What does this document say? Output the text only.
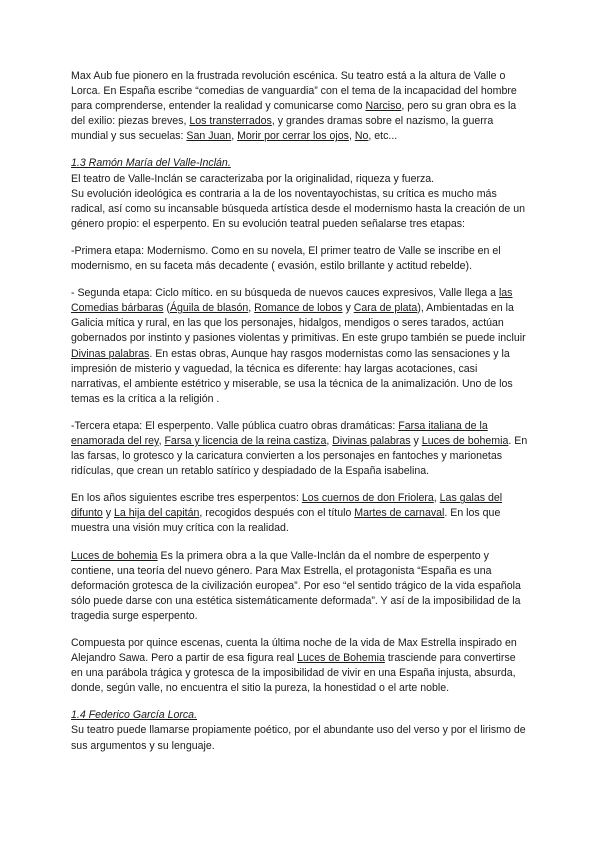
Max Aub fue pionero en la frustrada revolución escénica. Su teatro está a la altura de Valle o Lorca. En España escribe “comedias de vanguardia” con el tema de la incapacidad del hombre para comprenderse, entender la realidad y comunicarse como Narciso, pero su gran obra es la del exilio: piezas breves, Los transterrados, y grandes dramas sobre el nazismo, la guerra mundial y sus secuelas: San Juan, Morir por cerrar los ojos, No, etc...

1.3 Ramón María del Valle-Inclán.

El teatro de Valle-Inclán se caracterizaba por la originalidad, riqueza y fuerza.

Su evolución ideológica es contraria a la de los noventayochistas, su crítica es mucho más radical, así como su incansable búsqueda artística desde el modernismo hasta la creación de un género propio: el esperpento. En su evolución teatral pueden señalarse tres etapas:

-Primera etapa: Modernismo. Como en su novela, El primer teatro de Valle se inscribe en el modernismo, en su faceta más decadente ( evasión, estilo brillante y actitud rebelde).

- Segunda etapa: Ciclo mítico. en su búsqueda de nuevos cauces expresivos, Valle llega a las Comedias bárbaras (Águila de blasón, Romance de lobos y Cara de plata), Ambientadas en la Galicia mítica y rural, en las que los personajes, hidalgos, mendigos o seres tarados, actúan gobernados por instinto y pasiones violentas y primitivas. En este grupo también se puede incluir Divinas palabras. En estas obras, Aunque hay rasgos modernistas como las sensaciones y la impresión de misterio y vaguedad, la técnica es diferente: hay largas acotaciones, casi narrativas, el ambiente estétrico y miserable, se usa la técnica de la animalización. Uno de los temas es la crítica a la religión .

-Tercera etapa: El esperpento. Valle pública cuatro obras dramáticas: Farsa italiana de la enamorada del rey, Farsa y licencia de la reina castiza, Divinas palabras y Luces de bohemia. En las farsas, lo grotesco y la caricatura convierten a los personajes en fantoches y marionetas ridículas, que crean un retablo satírico y despiadado de la España isabelina.

En los años siguientes escribe tres esperpentos: Los cuernos de don Friolera, Las galas del difunto y La hija del capitán, recogidos después con el título Martes de carnaval. En los que muestra una visión muy crítica con la realidad.

Luces de bohemia Es la primera obra a la que Valle-Inclán da el nombre de esperpento y contiene, una teoría del nuevo género. Para Max Estrella, el protagonista “España es una deformación grotesca de la civilización europea”. Por eso “el sentido trágico de la vida española sólo puede darse con una estética sistemáticamente deformada”. Y así de la imposibilidad de la tragedia surge esperpento.

Compuesta por quince escenas, cuenta la última noche de la vida de Max Estrella inspirado en Alejandro Sawa. Pero a partir de esa figura real Luces de Bohemia trasciende para convertirse en una parábola trágica y grotesca de la imposibilidad de vivir en una España injusta, absurda, donde, según valle, no encuentra el sitio la pureza, la honestidad o el arte noble.

1.4 Federico García Lorca.

Su teatro puede llamarse propiamente poético, por el abundante uso del verso y por el lirismo de sus argumentos y su lenguaje.
